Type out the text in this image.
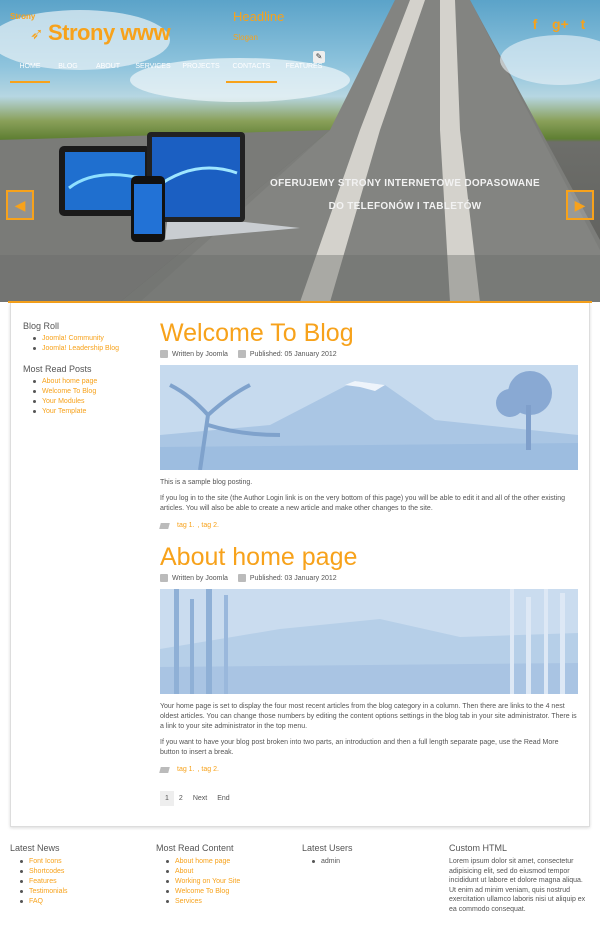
Strony
➶ Strony www
Headline
Slogan
f	g+ t
HOME	BLOG	ABOUT	SERVICES	PROJECTS	CONTACTS	FEATURES
✎
OFERUJEMY STRONY INTERNETOWE DOPASOWANE
DO TELEFONÓW I TABLETÓW
◀	▶
Blog Roll
Joomla! Community
Joomla! Leadership Blog
Most Read Posts
About home page
Welcome To Blog
Your Modules
Your Template
Welcome To Blog
Written by Joomla	Published: 05 January 2012

This is a sample blog posting.

If you log in to the site (the Author Login link is on the very bottom of this page) you will be able to edit it and all of the other existing articles. You will also be able to create a new article and make other changes to the site.

tag 1. , tag 2.
About home page
Written by Joomla	Published: 03 January 2012

Your home page is set to display the four most recent articles from the blog category in a column. Then there are links to the 4 nest oldest articles. You can change those numbers by editing the content options settings in the blog tab in your site administrator. There is a link to your site administrator in the top menu.

If you want to have your blog post broken into two parts, an introduction and then a full length separate page, use the Read More button to insert a break.

tag 1. , tag 2.
1	2	Next	End
Latest News
Font Icons
Shortcodes
Features
Testimonials
FAQ
Most Read Content
About home page
About
Working on Your Site
Welcome To Blog
Services
Latest Users
admin
Custom HTML

Lorem ipsum dolor sit amet, consectetur adipisicing elit, sed do eiusmod tempor incididunt ut labore et dolore magna aliqua. Ut enim ad minim veniam, quis nostrud exercitation ullamco laboris nisi ut aliquip ex ea commodo consequat.
